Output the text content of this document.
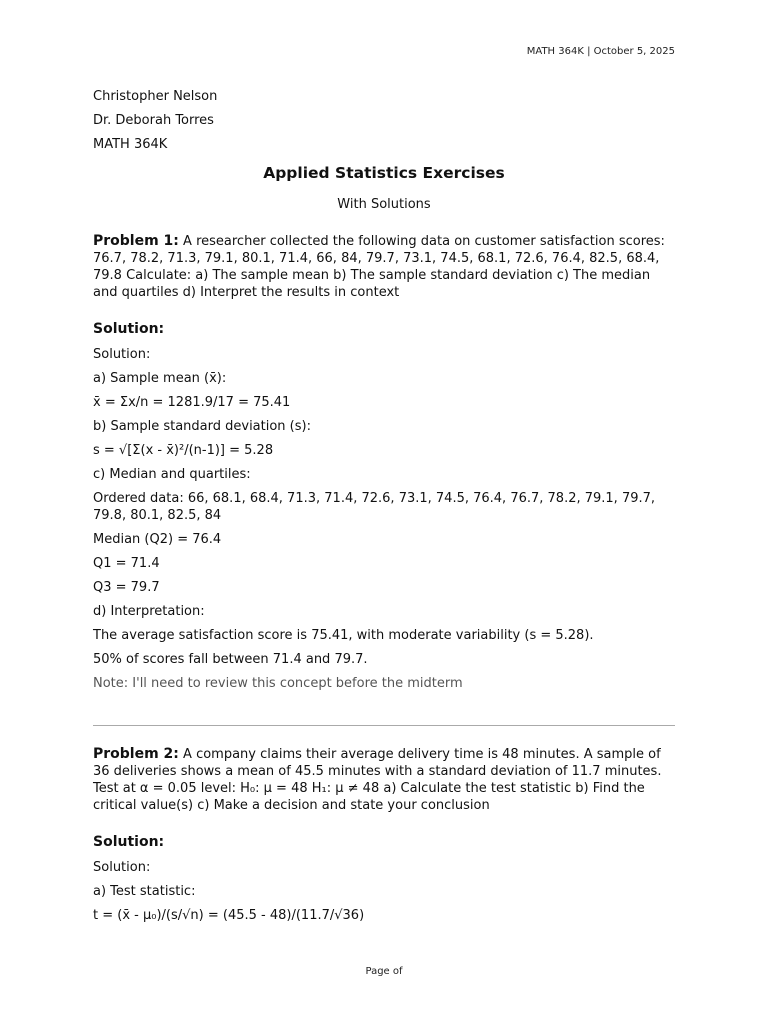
MATH 364K | October 5, 2025

Christopher Nelson

Dr. Deborah Torres

MATH 364K

Applied Statistics Exercises
With Solutions

Problem 1: A researcher collected the following data on customer satisfaction scores: 76.7, 78.2, 71.3, 79.1, 80.1, 71.4, 66, 84, 79.7, 73.1, 74.5, 68.1, 72.6, 76.4, 82.5, 68.4, 79.8 Calculate: a) The sample mean b) The sample standard deviation c) The median and quartiles d) Interpret the results in context

Solution:

Solution:

a) Sample mean (x̄):

x̄ = Σx/n = 1281.9/17 = 75.41

b) Sample standard deviation (s):

s = √[Σ(x - x̄)²/(n-1)] = 5.28

c) Median and quartiles:

Ordered data: 66, 68.1, 68.4, 71.3, 71.4, 72.6, 73.1, 74.5, 76.4, 76.7, 78.2, 79.1, 79.7, 79.8, 80.1, 82.5, 84

Median (Q2) = 76.4

Q1 = 71.4

Q3 = 79.7

d) Interpretation:

The average satisfaction score is 75.41, with moderate variability (s = 5.28).

50% of scores fall between 71.4 and 79.7.

Note: I'll need to review this concept before the midterm

Problem 2: A company claims their average delivery time is 48 minutes. A sample of 36 deliveries shows a mean of 45.5 minutes with a standard deviation of 11.7 minutes. Test at α = 0.05 level: H₀: μ = 48 H₁: μ ≠ 48 a) Calculate the test statistic b) Find the critical value(s) c) Make a decision and state your conclusion

Solution:

Solution:

a) Test statistic:

t = (x̄ - μ₀)/(s/√n) = (45.5 - 48)/(11.7/√36)

Page of
